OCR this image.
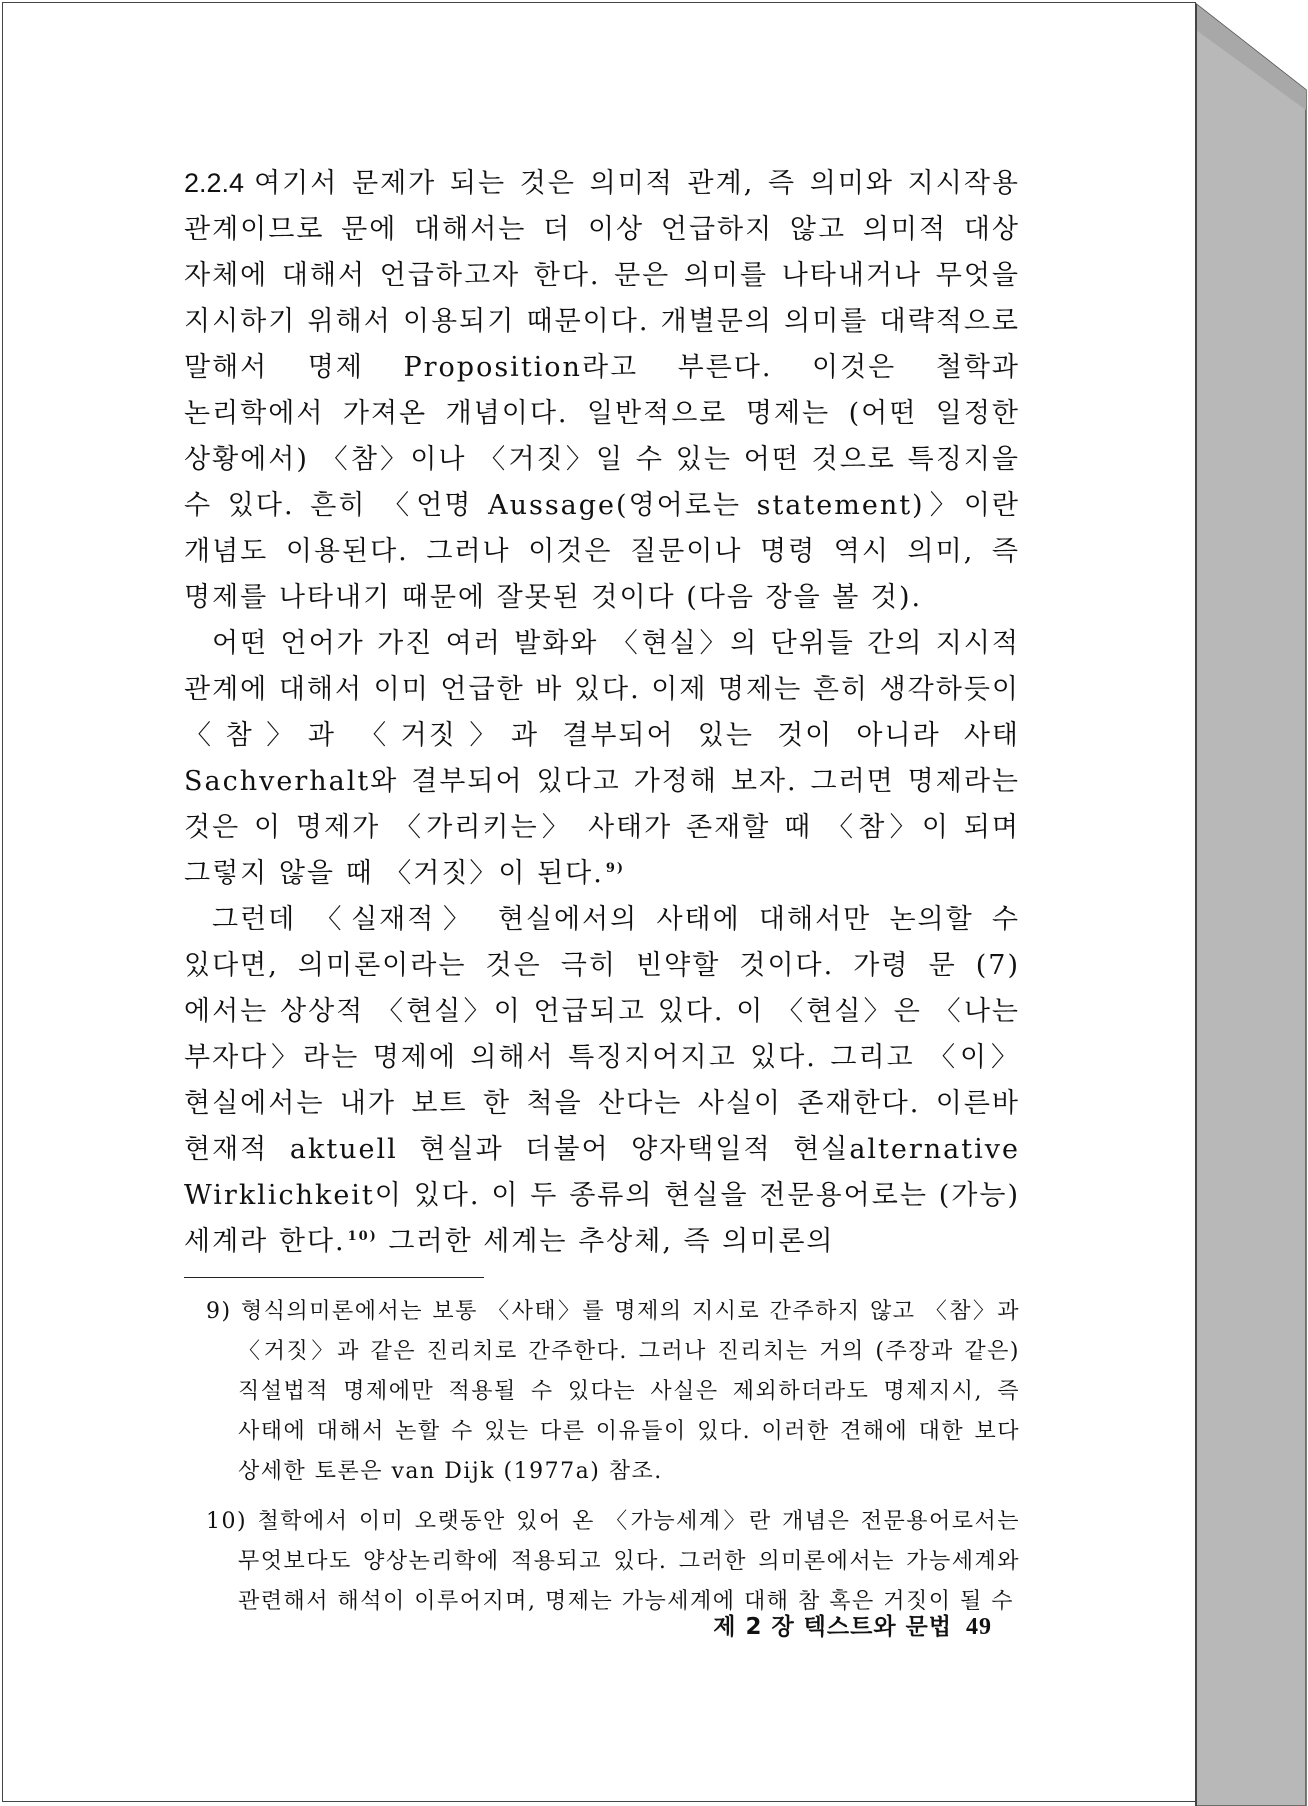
2.2.4 여기서 문제가 되는 것은 의미적 관계, 즉 의미와 지시작용 관계이므로 문에 대해서는 더 이상 언급하지 않고 의미적 대상 자체에 대해서 언급하고자 한다. 문은 의미를 나타내거나 무엇을 지시하기 위해서 이용되기 때문이다. 개별문의 의미를 대략적으로 말해서 명제 Proposition라고 부른다. 이것은 철학과 논리학에서 가져온 개념이다. 일반적으로 명제는 (어떤 일정한 상황에서) 〈참〉이나 〈거짓〉일 수 있는 어떤 것으로 특징지을 수 있다. 흔히 〈언명 Aussage(영어로는 statement)〉이란 개념도 이용된다. 그러나 이것은 질문이나 명령 역시 의미, 즉 명제를 나타내기 때문에 잘못된 것이다 (다음 장을 볼 것).

어떤 언어가 가진 여러 발화와 〈현실〉의 단위들 간의 지시적 관계에 대해서 이미 언급한 바 있다. 이제 명제는 흔히 생각하듯이 〈참〉과 〈거짓〉과 결부되어 있는 것이 아니라 사태 Sachverhalt와 결부되어 있다고 가정해 보자. 그러면 명제라는 것은 이 명제가 〈가리키는〉 사태가 존재할 때 〈참〉이 되며 그렇지 않을 때 〈거짓〉이 된다. $^{9)}$

그런데 〈실재적〉 현실에서의 사태에 대해서만 논의할 수 있다면, 의미론이라는 것은 극히 빈약할 것이다. 가령 문 (7)에서는 상상적 〈현실〉이 언급되고 있다. 이 〈현실〉은 〈나는 부자다〉라는 명제에 의해서 특징지어지고 있다. 그리고 〈이〉 현실에서는 내가 보트 한 척을 산다는 사실이 존재한다. 이른바 현재적 aktuell 현실과 더불어 양자택일적 현실alternative Wirklichkeit이 있다. 이 두 종류의 현실을 전문용어로는 (가능)세계라 한다. $^{10)}$ 그러한 세계는 추상체, 즉 의미론의

9) 형식의미론에서는 보통 〈사태〉를 명제의 지시로 간주하지 않고 〈참〉과 〈거짓〉과 같은 진리치로 간주한다. 그러나 진리치는 거의 (주장과 같은) 직설법적 명제에만 적용될 수 있다는 사실은 제외하더라도 명제지시, 즉 사태에 대해서 논할 수 있는 다른 이유들이 있다. 이러한 견해에 대한 보다 상세한 토론은 van Dijk (1977a) 참조.

10) 철학에서 이미 오랫동안 있어 온 〈가능세계〉란 개념은 전문용어로서는 무엇보다도 양상논리학에 적용되고 있다. 그러한 의미론에서는 가능세계와 관련해서 해석이 이루어지며, 명제는 가능세계에 대해 참 혹은 거짓이 될 수

제 2 장 텍스트와 문법 49
